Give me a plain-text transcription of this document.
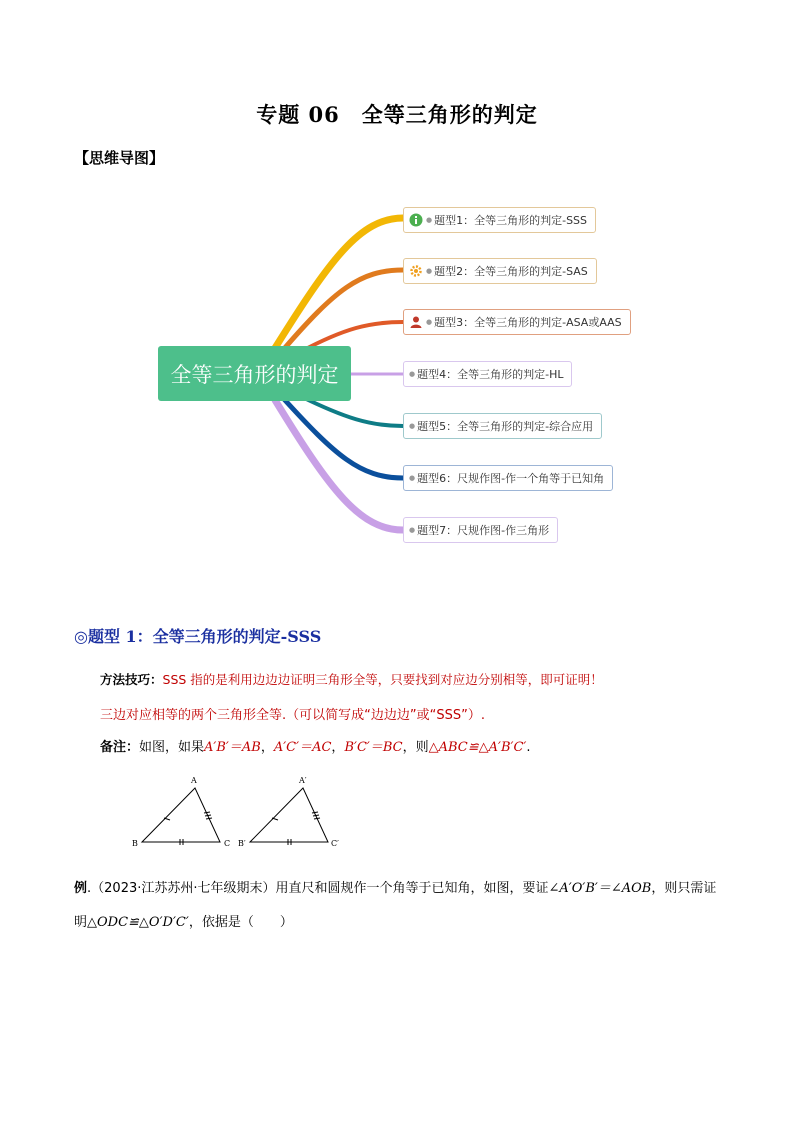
专题 06　全等三角形的判定
【思维导图】
全等三角形的判定
● 题型1：全等三角形的判定-SSS
● 题型2：全等三角形的判定-SAS
● 题型3：全等三角形的判定-ASA或AAS
● 题型4：全等三角形的判定-HL
● 题型5：全等三角形的判定-综合应用
● 题型6：尺规作图-作一个角等于已知角
● 题型7：尺规作图-作三角形
◎题型 1：全等三角形的判定-SSS
方法技巧：SSS 指的是利用边边边证明三角形全等，只要找到对应边分别相等，即可证明！
三边对应相等的两个三角形全等.（可以简写成“边边边”或“SSS”）.
备注：如图，如果A′B′＝AB，A′C′＝AC，B′C′＝BC，则△ABC≌△A′B′C′.
A
B	C
A′
B′	C′
例.（2023·江苏苏州·七年级期末）用直尺和圆规作一个角等于已知角，如图，要证∠A′O′B′＝∠AOB，则只需证明△ODC≌△O′D′C′，依据是（　　）
